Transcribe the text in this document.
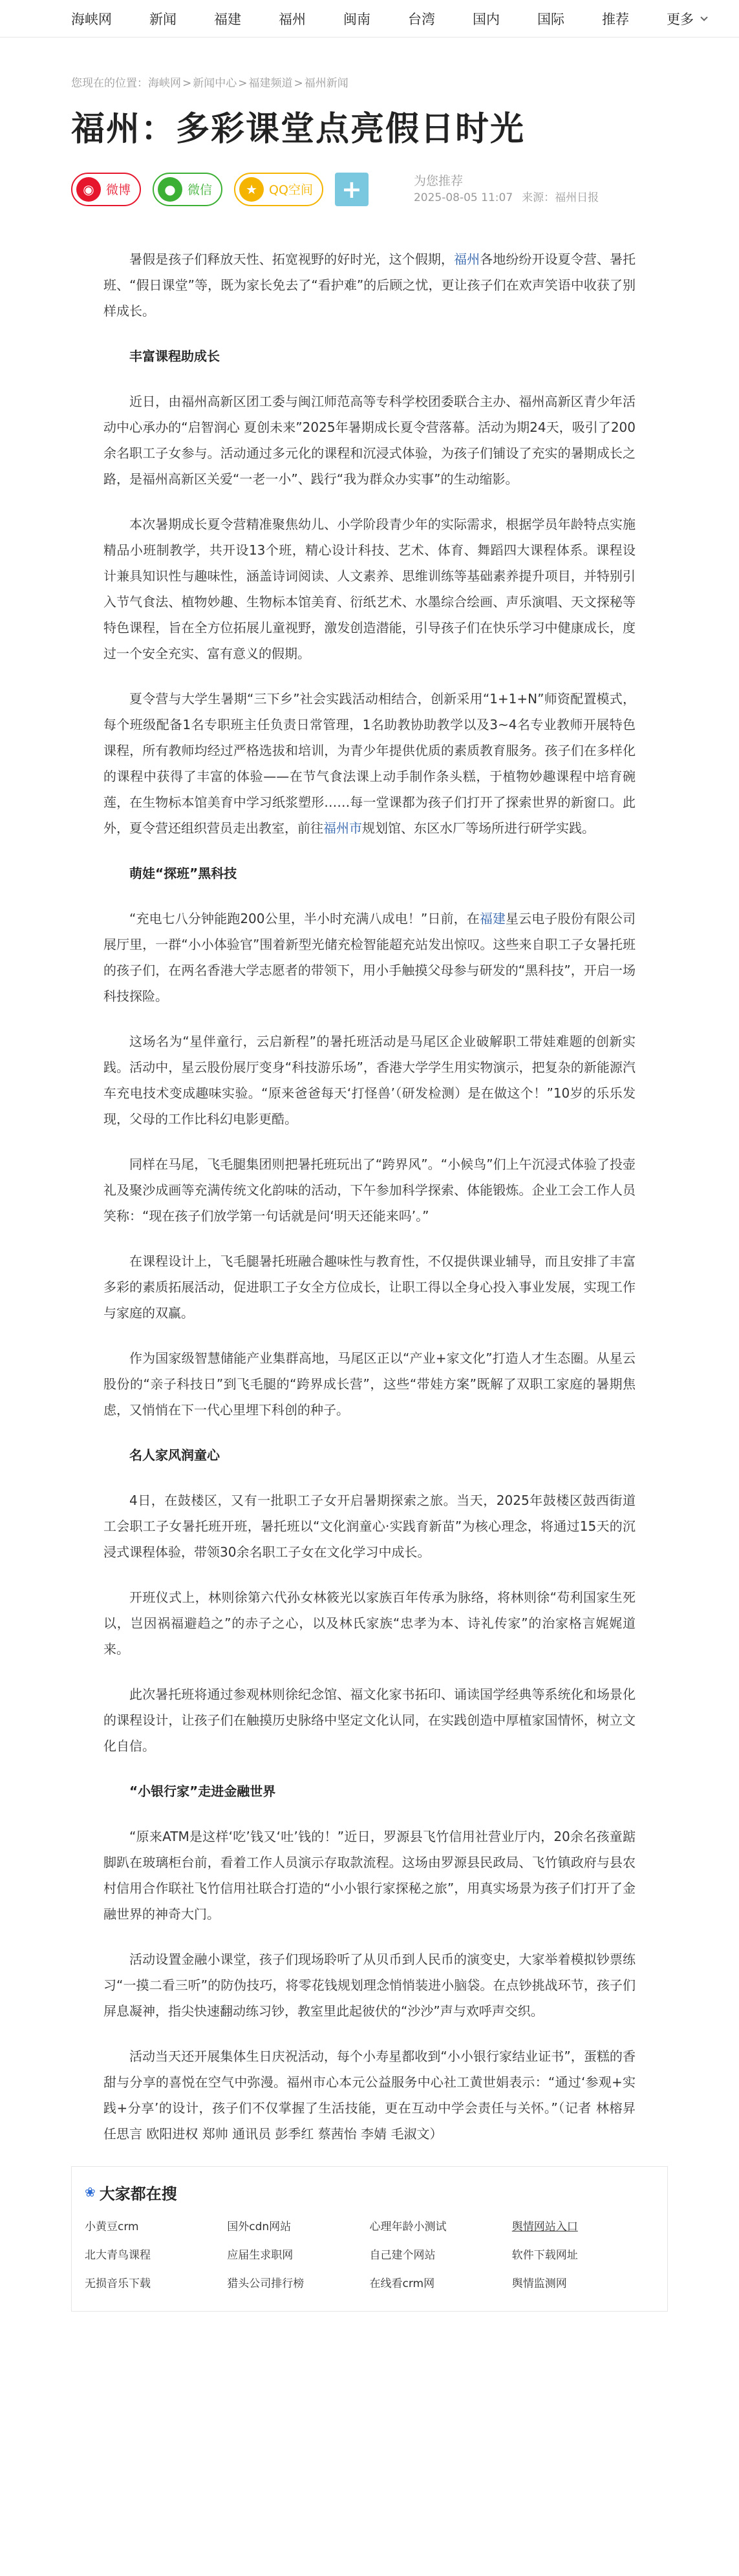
海峡网	新闻	福建	福州	闽南	台湾	国内	国际	推荐	更多
您现在的位置：海峡网 > 新闻中心 > 福建频道 > 福州新闻
福州：多彩课堂点亮假日时光
◉ 微博	● 微信	★ QQ空间 +	为您推荐
2025-08-05 11:07 来源：福州日报

暑假是孩子们释放天性、拓宽视野的好时光，这个假期，福州各地纷纷开设夏令营、暑托班、“假日课堂”等，既为家长免去了“看护难”的后顾之忧，更让孩子们在欢声笑语中收获了别样成长。

丰富课程助成长

近日，由福州高新区团工委与闽江师范高等专科学校团委联合主办、福州高新区青少年活动中心承办的“启智润心 夏创未来”2025年暑期成长夏令营落幕。活动为期24天，吸引了200余名职工子女参与。活动通过多元化的课程和沉浸式体验，为孩子们铺设了充实的暑期成长之路，是福州高新区关爱“一老一小”、践行“我为群众办实事”的生动缩影。

本次暑期成长夏令营精准聚焦幼儿、小学阶段青少年的实际需求，根据学员年龄特点实施精品小班制教学，共开设13个班，精心设计科技、艺术、体育、舞蹈四大课程体系。课程设计兼具知识性与趣味性，涵盖诗词阅读、人文素养、思维训练等基础素养提升项目，并特别引入节气食法、植物妙趣、生物标本馆美育、衍纸艺术、水墨综合绘画、声乐演唱、天文探秘等特色课程，旨在全方位拓展儿童视野，激发创造潜能，引导孩子们在快乐学习中健康成长，度过一个安全充实、富有意义的假期。

夏令营与大学生暑期“三下乡”社会实践活动相结合，创新采用“1+1+N”师资配置模式，每个班级配备1名专职班主任负责日常管理，1名助教协助教学以及3~4名专业教师开展特色课程，所有教师均经过严格选拔和培训，为青少年提供优质的素质教育服务。孩子们在多样化的课程中获得了丰富的体验——在节气食法课上动手制作条头糕，于植物妙趣课程中培育碗莲，在生物标本馆美育中学习纸浆塑形……每一堂课都为孩子们打开了探索世界的新窗口。此外，夏令营还组织营员走出教室，前往福州市规划馆、东区水厂等场所进行研学实践。

萌娃“探班”黑科技

“充电七八分钟能跑200公里，半小时充满八成电！”日前，在福建星云电子股份有限公司展厅里，一群“小小体验官”围着新型光储充检智能超充站发出惊叹。这些来自职工子女暑托班的孩子们，在两名香港大学志愿者的带领下，用小手触摸父母参与研发的“黑科技”，开启一场科技探险。

这场名为“星伴童行，云启新程”的暑托班活动是马尾区企业破解职工带娃难题的创新实践。活动中，星云股份展厅变身“科技游乐场”，香港大学学生用实物演示，把复杂的新能源汽车充电技术变成趣味实验。“原来爸爸每天‘打怪兽’（研发检测）是在做这个！”10岁的乐乐发现，父母的工作比科幻电影更酷。

同样在马尾，飞毛腿集团则把暑托班玩出了“跨界风”。“小候鸟”们上午沉浸式体验了投壶礼及聚沙成画等充满传统文化韵味的活动，下午参加科学探索、体能锻炼。企业工会工作人员笑称：“现在孩子们放学第一句话就是问‘明天还能来吗’。”

在课程设计上，飞毛腿暑托班融合趣味性与教育性，不仅提供课业辅导，而且安排了丰富多彩的素质拓展活动，促进职工子女全方位成长，让职工得以全身心投入事业发展，实现工作与家庭的双赢。

作为国家级智慧储能产业集群高地，马尾区正以“产业+家文化”打造人才生态圈。从星云股份的“亲子科技日”到飞毛腿的“跨界成长营”，这些“带娃方案”既解了双职工家庭的暑期焦虑，又悄悄在下一代心里埋下科创的种子。

名人家风润童心

4日，在鼓楼区，又有一批职工子女开启暑期探索之旅。当天，2025年鼓楼区鼓西街道工会职工子女暑托班开班，暑托班以“文化润童心·实践育新苗”为核心理念，将通过15天的沉浸式课程体验，带领30余名职工子女在文化学习中成长。

开班仪式上，林则徐第六代孙女林筱光以家族百年传承为脉络，将林则徐“苟利国家生死以，岂因祸福避趋之”的赤子之心，以及林氏家族“忠孝为本、诗礼传家”的治家格言娓娓道来。

此次暑托班将通过参观林则徐纪念馆、福文化家书拓印、诵读国学经典等系统化和场景化的课程设计，让孩子们在触摸历史脉络中坚定文化认同，在实践创造中厚植家国情怀，树立文化自信。

“小银行家”走进金融世界

“原来ATM是这样‘吃’钱又‘吐’钱的！”近日，罗源县飞竹信用社营业厅内，20余名孩童踮脚趴在玻璃柜台前，看着工作人员演示存取款流程。这场由罗源县民政局、飞竹镇政府与县农村信用合作联社飞竹信用社联合打造的“小小银行家探秘之旅”，用真实场景为孩子们打开了金融世界的神奇大门。

活动设置金融小课堂，孩子们现场聆听了从贝币到人民币的演变史，大家举着模拟钞票练习“一摸二看三听”的防伪技巧，将零花钱规划理念悄悄装进小脑袋。在点钞挑战环节，孩子们屏息凝神，指尖快速翻动练习钞，教室里此起彼伏的“沙沙”声与欢呼声交织。

活动当天还开展集体生日庆祝活动，每个小寿星都收到“小小银行家结业证书”，蛋糕的香甜与分享的喜悦在空气中弥漫。福州市心本元公益服务中心社工黄世娟表示：“通过‘参观+实践+分享’的设计，孩子们不仅掌握了生活技能，更在互动中学会责任与关怀。”（记者 林榕昇 任思言 欧阳进权 郑帅 通讯员 彭季红 蔡茜怡 李婧 毛淑文）

❀ 大家都在搜
小黄豆crm	国外cdn网站	心理年龄小测试	舆情网站入口
北大青鸟课程	应届生求职网	自己建个网站	软件下载网址
无损音乐下载	猎头公司排行榜	在线看crm网	舆情监测网
